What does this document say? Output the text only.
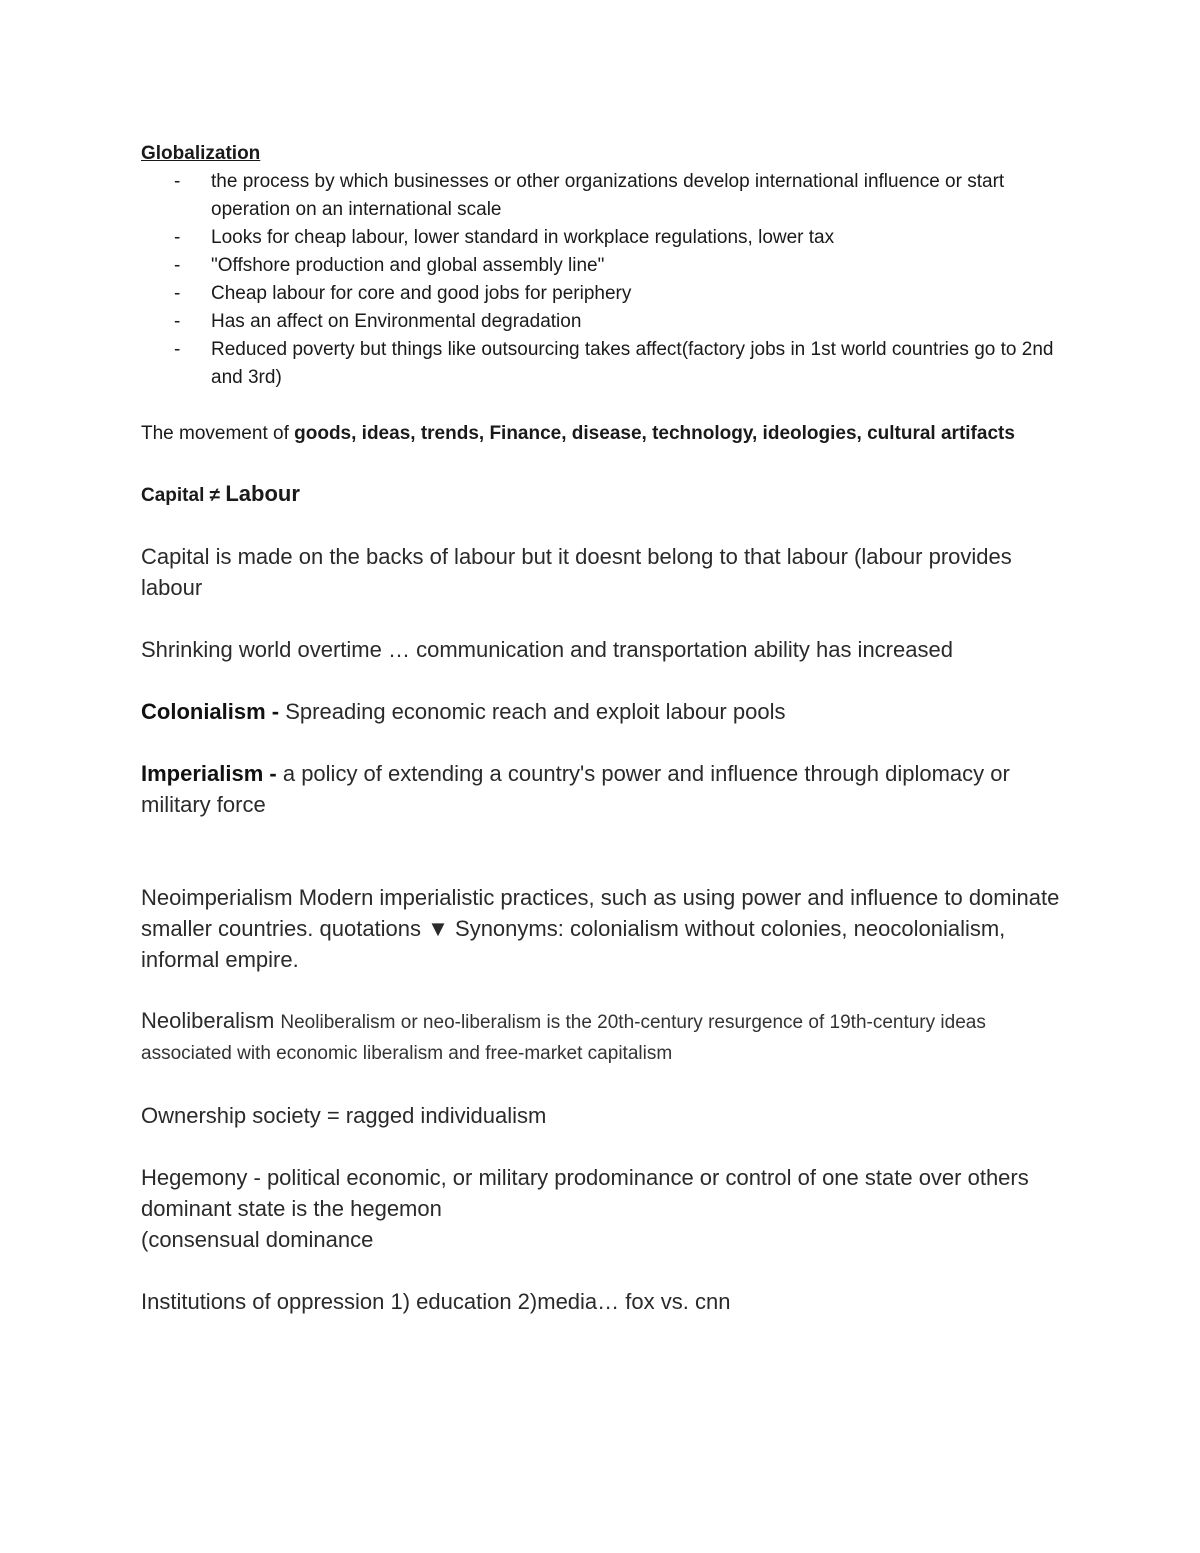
Globalization

- the process by which businesses or other organizations develop international influence or start operation on an international scale
- Looks for cheap labour, lower standard in workplace regulations, lower tax
- "Offshore production and global assembly line"
- Cheap labour for core and good jobs for periphery
- Has an affect on Environmental degradation
- Reduced poverty but things like outsourcing takes affect(factory jobs in 1st world countries go to 2nd and 3rd)

The movement of goods, ideas, trends, Finance, disease, technology, ideologies, cultural artifacts

Capital ≠ Labour

Capital is made on the backs of labour but it doesnt belong to that labour (labour provides labour

Shrinking world overtime … communication and transportation ability has increased

Colonialism - Spreading economic reach and exploit labour pools

Imperialism - a policy of extending a country's power and influence through diplomacy or military force

Neoimperialism Modern imperialistic practices, such as using power and influence to dominate smaller countries. quotations ▼ Synonyms: colonialism without colonies, neocolonialism, informal empire.

Neoliberalism Neoliberalism or neo-liberalism is the 20th-century resurgence of 19th-century ideas associated with economic liberalism and free-market capitalism

Ownership society = ragged individualism

Hegemony - political economic, or military prodominance or control of one state over others dominant state is the hegemon
(consensual dominance

Institutions of oppression 1) education 2)media… fox vs. cnn
